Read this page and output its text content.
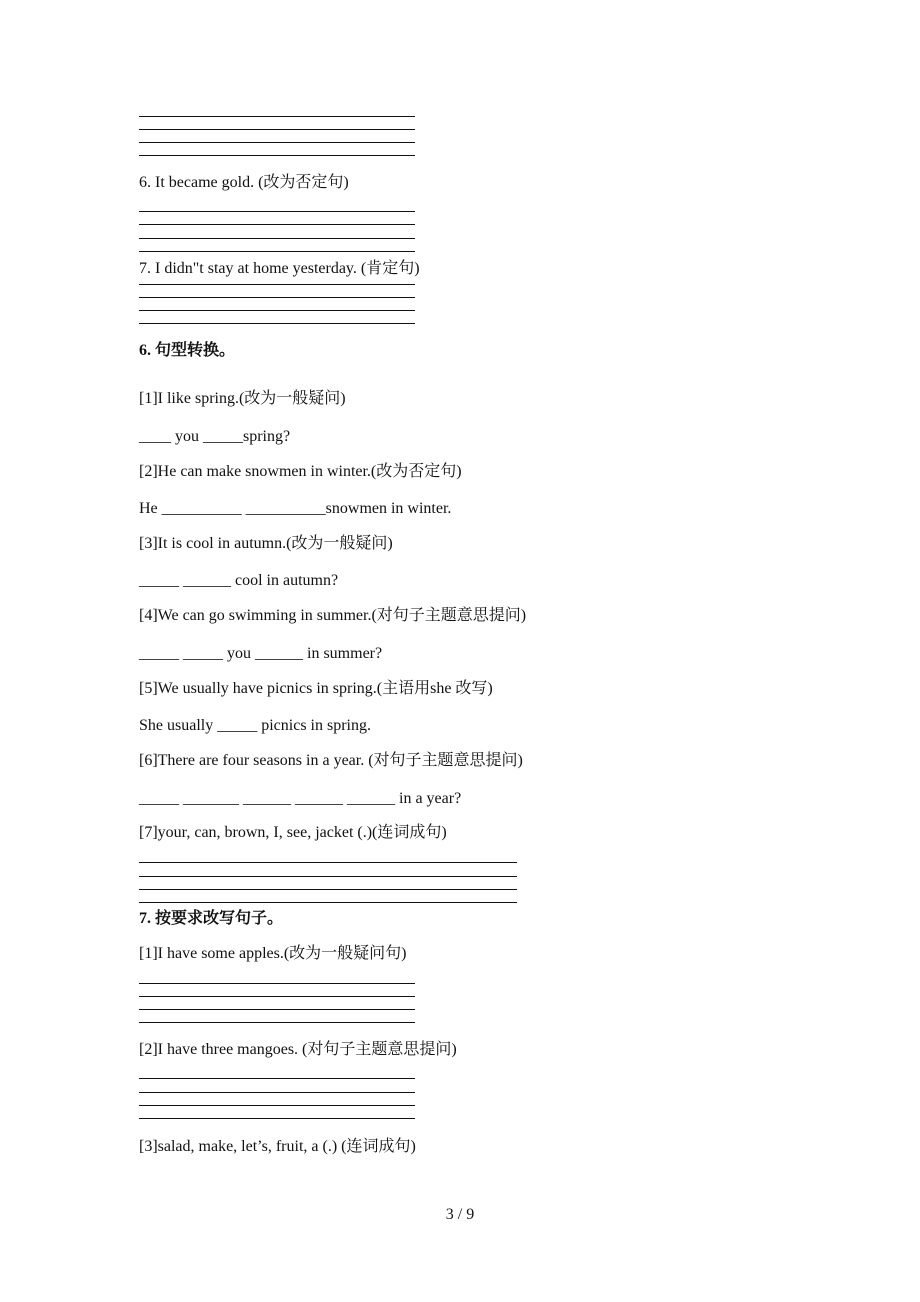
6. It became gold. (改为否定句)
7. I didn"t stay at home yesterday. (肯定句)
6. 句型转换。
[1]I like spring.(改为一般疑问)
____ you _____spring?
[2]He can make snowmen in winter.(改为否定句)
He __________ __________snowmen in winter.
[3]It is cool in autumn.(改为一般疑问)
_____ ______ cool in autumn?
[4]We can go swimming in summer.(对句子主题意思提问)
_____ _____ you ______ in summer?
[5]We usually have picnics in spring.(主语用she 改写)
She usually _____ picnics in spring.
[6]There are four seasons in a year. (对句子主题意思提问)
_____ _______ ______ ______ ______ in a year?
[7]your, can, brown, I, see, jacket (.)(连词成句)
7. 按要求改写句子。
[1]I have some apples.(改为一般疑问句)
[2]I have three mangoes. (对句子主题意思提问)
[3]salad, make, let’s, fruit, a (.) (连词成句)
3 / 9
